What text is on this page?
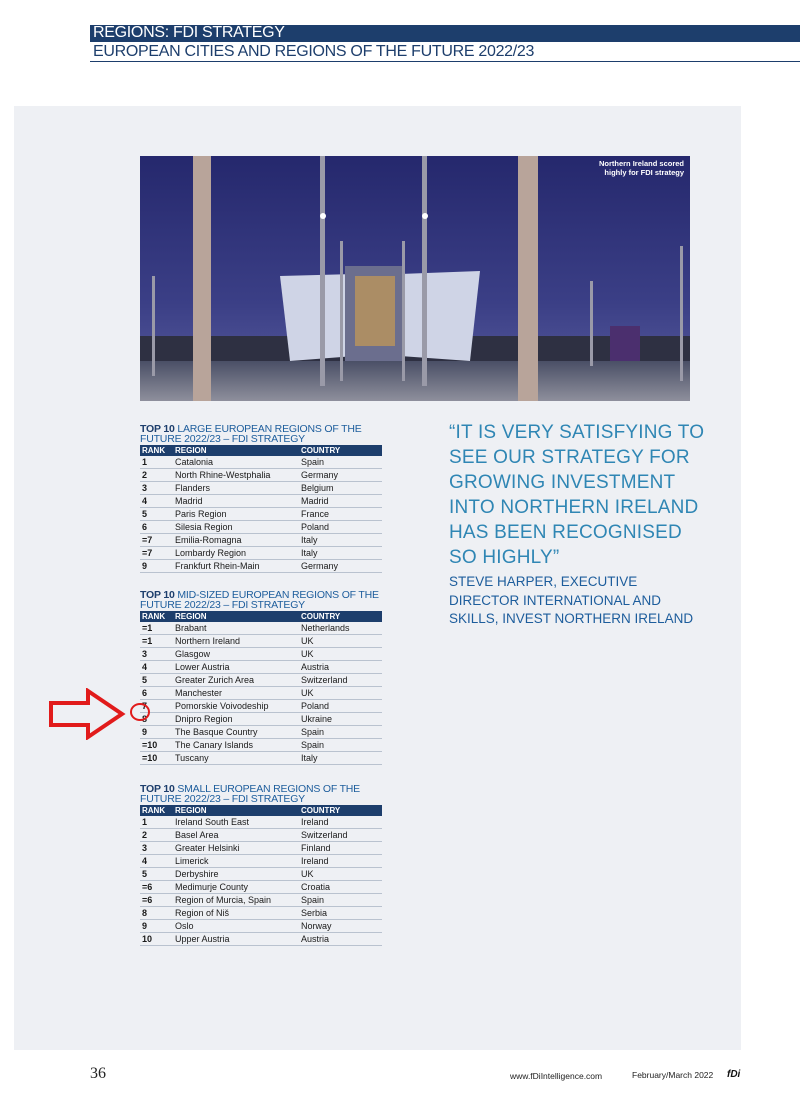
REGIONS: FDI STRATEGY
EUROPEAN CITIES AND REGIONS OF THE FUTURE 2022/23
Northern Ireland scored highly for FDI strategy
TOP 10 LARGE EUROPEAN REGIONS OF THE FUTURE 2022/23 – FDI STRATEGY
RANK	REGION	COUNTRY
1	Catalonia	Spain
2	North Rhine-Westphalia	Germany
3	Flanders	Belgium
4	Madrid	Madrid
5	Paris Region	France
6	Silesia Region	Poland
=7	Emilia-Romagna	Italy
=7	Lombardy Region	Italy
9	Frankfurt Rhein-Main	Germany
TOP 10 MID-SIZED EUROPEAN REGIONS OF THE FUTURE 2022/23 – FDI STRATEGY
RANK	REGION	COUNTRY
=1	Brabant	Netherlands
=1	Northern Ireland	UK
3	Glasgow	UK
4	Lower Austria	Austria
5	Greater Zurich Area	Switzerland
6	Manchester	UK
7	Pomorskie Voivodeship	Poland
8	Dnipro Region	Ukraine
9	The Basque Country	Spain
=10	The Canary Islands	Spain
=10	Tuscany	Italy
TOP 10 SMALL EUROPEAN REGIONS OF THE FUTURE 2022/23 – FDI STRATEGY
RANK	REGION	COUNTRY
1	Ireland South East	Ireland
2	Basel Area	Switzerland
3	Greater Helsinki	Finland
4	Limerick	Ireland
5	Derbyshire	UK
=6	Medimurje County	Croatia
=6	Region of Murcia, Spain	Spain
8	Region of Niš	Serbia
9	Oslo	Norway
10	Upper Austria	Austria
“IT IS VERY SATISFYING TO SEE OUR STRATEGY FOR GROWING INVESTMENT INTO NORTHERN IRELAND HAS BEEN RECOGNISED SO HIGHLY”
STEVE HARPER, EXECUTIVE DIRECTOR INTERNATIONAL AND SKILLS, INVEST NORTHERN IRELAND
36	www.fDiIntelligence.com	February/March 2022 fDi
